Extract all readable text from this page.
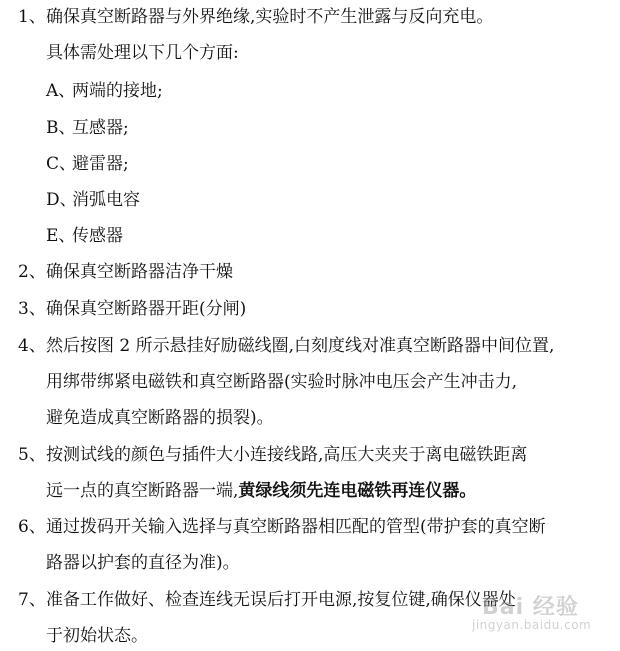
1、 确保真空断路器与外界绝缘,实验时不产生泄露与反向充电。
具体需处理以下几个方面:
A、
两端的接地;
B、
互感器;
C、
避雷器;
D、
消弧电容
E、
传感器
2、 确保真空断路器洁净干燥
3、 确保真空断路器开距(分闸)
4、 然后按图 2 所示悬挂好励磁线圈,白刻度线对准真空断路器中间位置,
用绑带绑紧电磁铁和真空断路器(实验时脉冲电压会产生冲击力,
避免造成真空断路器的损裂)。
5、 按测试线的颜色与插件大小连接线路,高压大夹夹于离电磁铁距离
远一点的真空断路器一端,黄绿线须先连电磁铁再连仪器。
6、 通过拨码开关输入选择与真空断路器相匹配的管型(带护套的真空断
路器以护套的直径为准)。
7、 准备工作做好、检查连线无误后打开电源,按复位键,确保仪器处
于初始状态。
Bai 经验
jingyan.baidu.com
